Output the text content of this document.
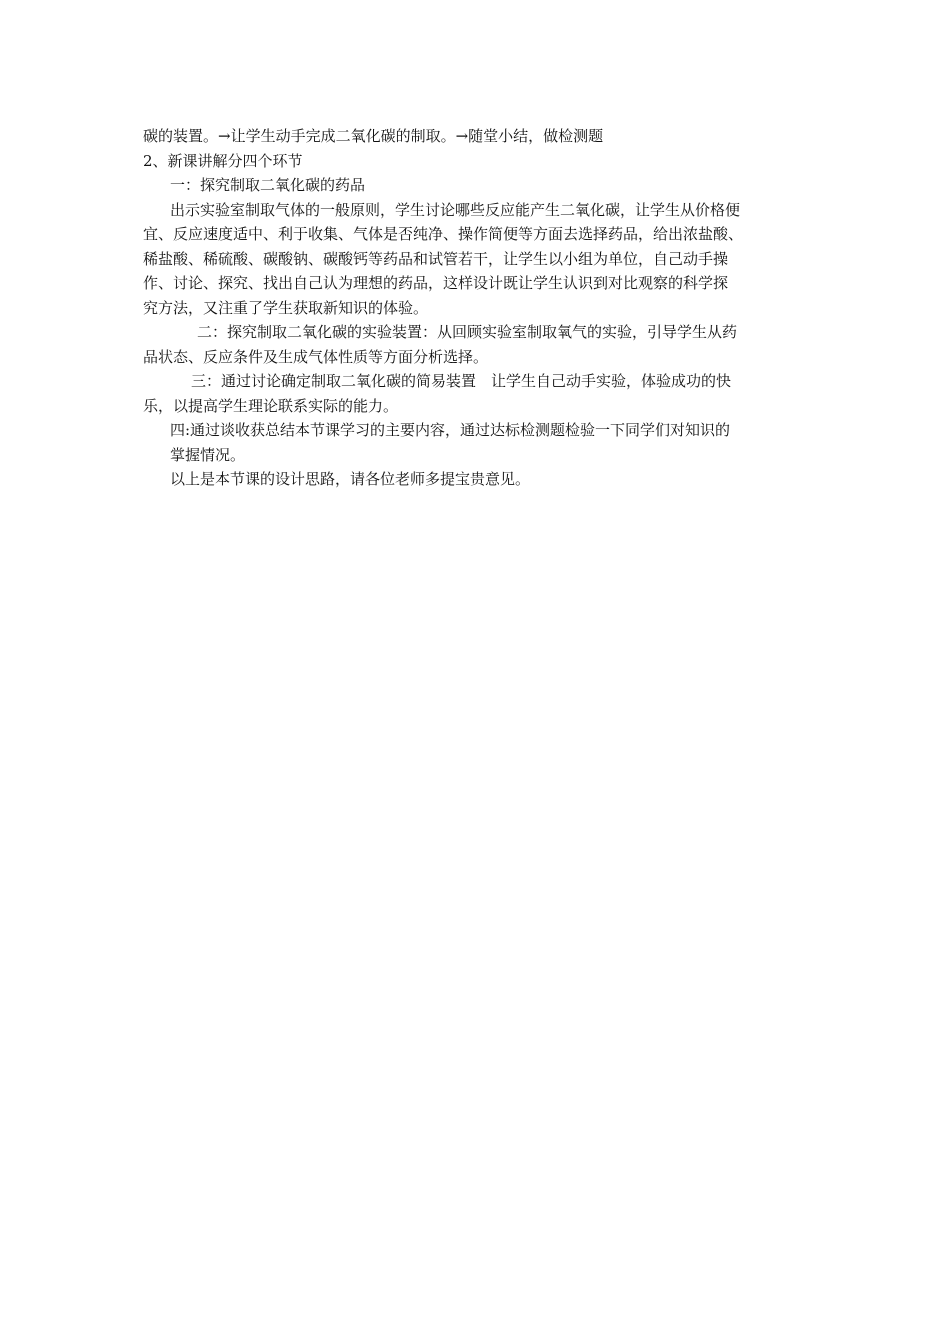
碳的装置。→让学生动手完成二氧化碳的制取。→随堂小结，做检测题
2、新课讲解分四个环节
一：探究制取二氧化碳的药品
出示实验室制取气体的一般原则，学生讨论哪些反应能产生二氧化碳，让学生从价格便
宜、反应速度适中、利于收集、气体是否纯净、操作简便等方面去选择药品，给出浓盐酸、
稀盐酸、稀硫酸、碳酸钠、碳酸钙等药品和试管若干，让学生以小组为单位，自己动手操
作、讨论、探究、找出自己认为理想的药品，这样设计既让学生认识到对比观察的科学探
究方法，又注重了学生获取新知识的体验。
二：探究制取二氧化碳的实验装置：从回顾实验室制取氧气的实验，引导学生从药
品状态、反应条件及生成气体性质等方面分析选择。
三：通过讨论确定制取二氧化碳的简易装置　让学生自己动手实验，体验成功的快
乐，以提高学生理论联系实际的能力。
四:通过谈收获总结本节课学习的主要内容，通过达标检测题检验一下同学们对知识的
掌握情况。
以上是本节课的设计思路，请各位老师多提宝贵意见。
